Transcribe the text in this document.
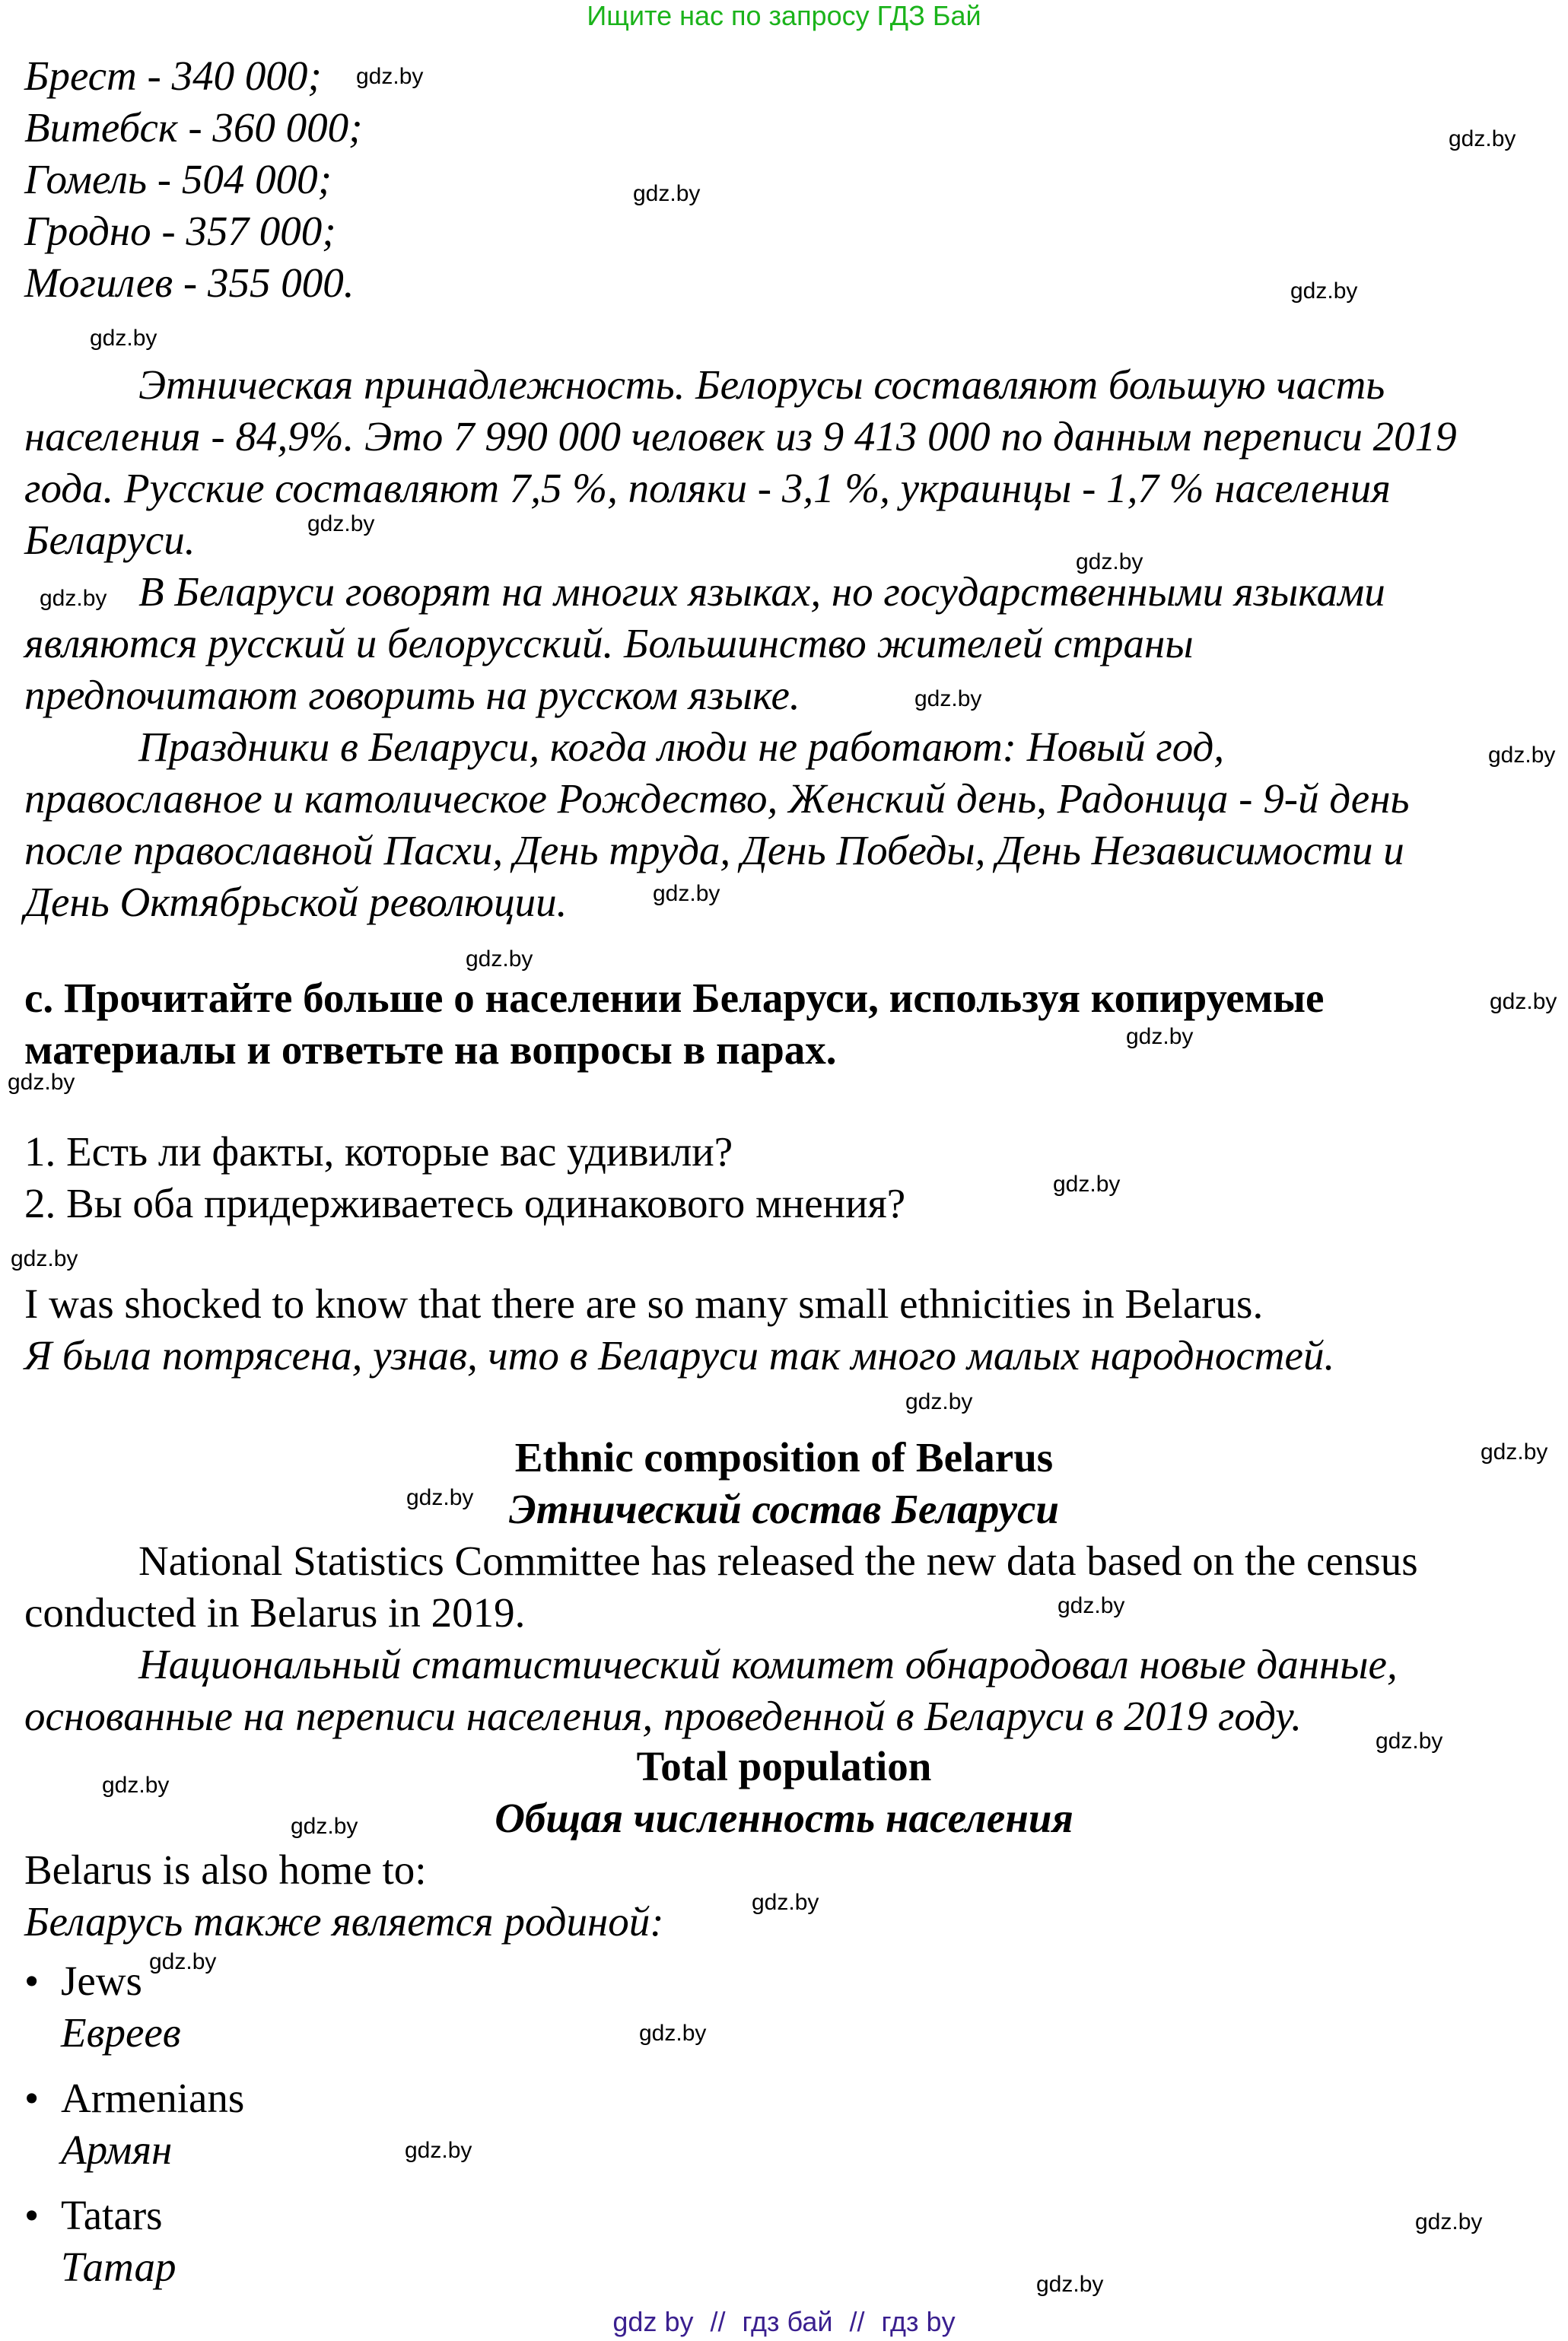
Ищите нас по запросу ГДЗ Бай
Брест - 340 000;
Витебск - 360 000;
Гомель - 504 000;
Гродно - 357 000;
Могилев - 355 000.
Этническая принадлежность. Белорусы составляют большую часть
населения - 84,9%. Это 7 990 000 человек из 9 413 000 по данным переписи 2019
года. Русские составляют 7,5 %, поляки - 3,1 %, украинцы - 1,7 % населения
Беларуси.
В Беларуси говорят на многих языках, но государственными языками
являются русский и белорусский. Большинство жителей страны
предпочитают говорить на русском языке.
Праздники в Беларуси, когда люди не работают: Новый год,
православное и католическое Рождество, Женский день, Радоница - 9-й день
после православной Пасхи, День труда, День Победы, День Независимости и
День Октябрьской революции.
c. Прочитайте больше о населении Беларуси, используя копируемые
материалы и ответьте на вопросы в парах.
1. Есть ли факты, которые вас удивили?
2. Вы оба придерживаетесь одинакового мнения?
I was shocked to know that there are so many small ethnicities in Belarus.
Я была потрясена, узнав, что в Беларуси так много малых народностей.
Ethnic composition of Belarus
Этнический состав Беларуси
National Statistics Committee has released the new data based on the census
conducted in Belarus in 2019.
Национальный статистический комитет обнародовал новые данные,
основанные на переписи населения, проведенной в Беларуси в 2019 году.
Total population
Общая численность населения
Belarus is also home to:
Беларусь также является родиной:
• Jews
Евреев
• Armenians
Армян
• Tatars
Татар
gdz.by
gdz.by
gdz.by
gdz.by
gdz.by
gdz.by
gdz.by
gdz.by
gdz.by
gdz.by
gdz.by
gdz.by
gdz.by
gdz.by
gdz.by
gdz.by
gdz.by
gdz.by
gdz.by
gdz.by
gdz.by
gdz.by
gdz.by
gdz.by
gdz.by
gdz.by
gdz.by
gdz.by
gdz.by
gdz.by
gdz by // гдз бай // гдз by
